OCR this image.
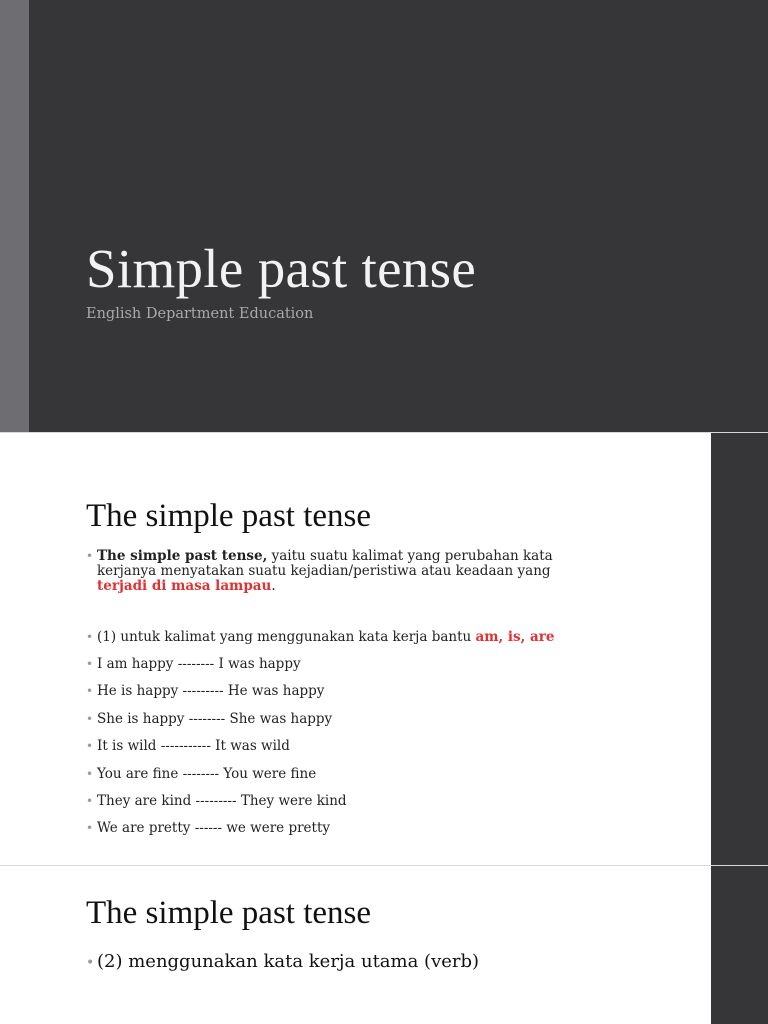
Simple past tense
English Department Education
The simple past tense
• The simple past tense, yaitu suatu kalimat yang perubahan kata
kerjanya menyatakan suatu kejadian/peristiwa atau keadaan yang
terjadi di masa lampau.
• (1) untuk kalimat yang menggunakan kata kerja bantu am, is, are
• I am happy -------- I was happy
• He is happy --------- He was happy
• She is happy -------- She was happy
• It is wild ----------- It was wild
• You are fine -------- You were fine
• They are kind --------- They were kind
• We are pretty ------ we were pretty
The simple past tense
• (2) menggunakan kata kerja utama (verb)
